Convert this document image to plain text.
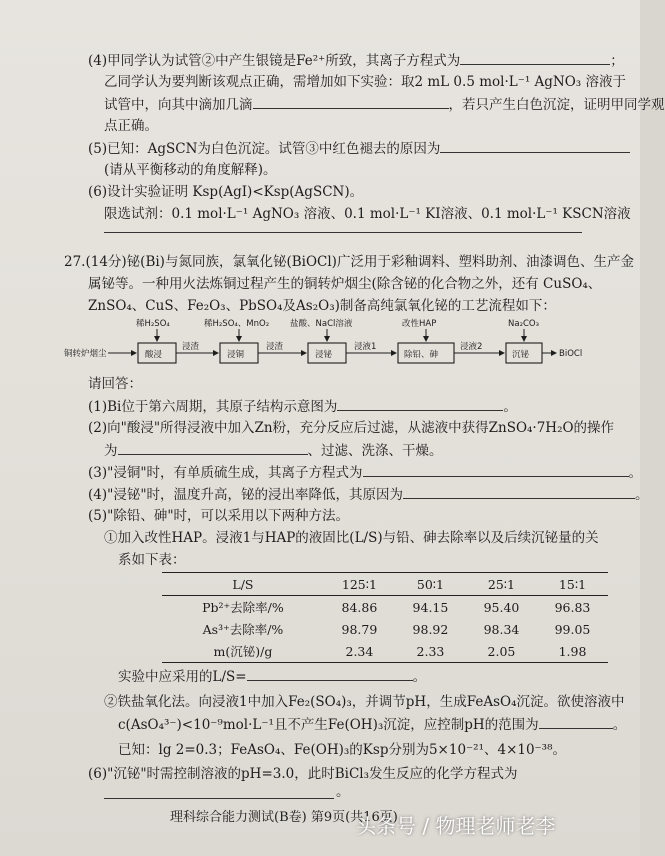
(4)甲同学认为试管②中产生银镜是Fe²⁺所致，其离子方程式为	；
乙同学认为要判断该观点正确，需增加如下实验：取2 mL 0.5 mol·L⁻¹ AgNO₃ 溶液于
试管中，向其中滴加几滴	，若只产生白色沉淀，证明甲同学观
点正确。
(5)已知：AgSCN为白色沉淀。试管③中红色褪去的原因为
(请从平衡移动的角度解释)。
(6)设计实验证明 Ksp(AgI)<Ksp(AgSCN)。
限选试剂：0.1 mol·L⁻¹ AgNO₃ 溶液、0.1 mol·L⁻¹ KI溶液、0.1 mol·L⁻¹ KSCN溶液
27.(14分)铋(Bi)与氮同族，氯氧化铋(BiOCl)广泛用于彩釉调料、塑料助剂、油漆调色、生产金
属铋等。一种用火法炼铜过程产生的铜转炉烟尘(除含铋的化合物之外，还有 CuSO₄、
ZnSO₄、CuS、Fe₂O₃、PbSO₄及As₂O₃)制备高纯氯氧化铋的工艺流程如下：
铜转炉烟尘	酸浸
稀H₂SO₄
浸渣
浸铜
稀H₂SO₄、MnO₂
浸渣
浸铋
盐酸、NaCl溶液
浸液1
除铅、砷
改性HAP
浸液2
沉铋
Na₂CO₃
BiOCl
请回答：
(1)Bi位于第六周期，其原子结构示意图为	。
(2)向"酸浸"所得浸液中加入Zn粉，充分反应后过滤，从滤液中获得ZnSO₄·7H₂O的操作
为	、过滤、洗涤、干燥。
(3)"浸铜"时，有单质硫生成，其离子方程式为	。
(4)"浸铋"时，温度升高，铋的浸出率降低，其原因为	。
(5)"除铅、砷"时，可以采用以下两种方法。
①加入改性HAP。浸液1与HAP的液固比(L/S)与铅、砷去除率以及后续沉铋量的关
系如下表：
L/S	125∶1	50∶1	25∶1	15∶1
Pb²⁺去除率/%	84.86	94.15	95.40	96.83
As³⁺去除率/%	98.79	98.92	98.34	99.05
m(沉铋)/g	2.34	2.33	2.05	1.98
实验中应采用的L/S=	。
②铁盐氧化法。向浸液1中加入Fe₂(SO₄)₃，并调节pH，生成FeAsO₄沉淀。欲使溶液中
c(AsO₄³⁻)<10⁻⁹mol·L⁻¹且不产生Fe(OH)₃沉淀，应控制pH的范围为	。
已知：lg 2=0.3；FeAsO₄、Fe(OH)₃的Ksp分别为5×10⁻²¹、4×10⁻³⁸。
(6)"沉铋"时需控制溶液的pH=3.0，此时BiCl₃发生反应的化学方程式为
。
理科综合能力测试(B卷) 第9页(共16页)
头条号 / 物理老师老李
